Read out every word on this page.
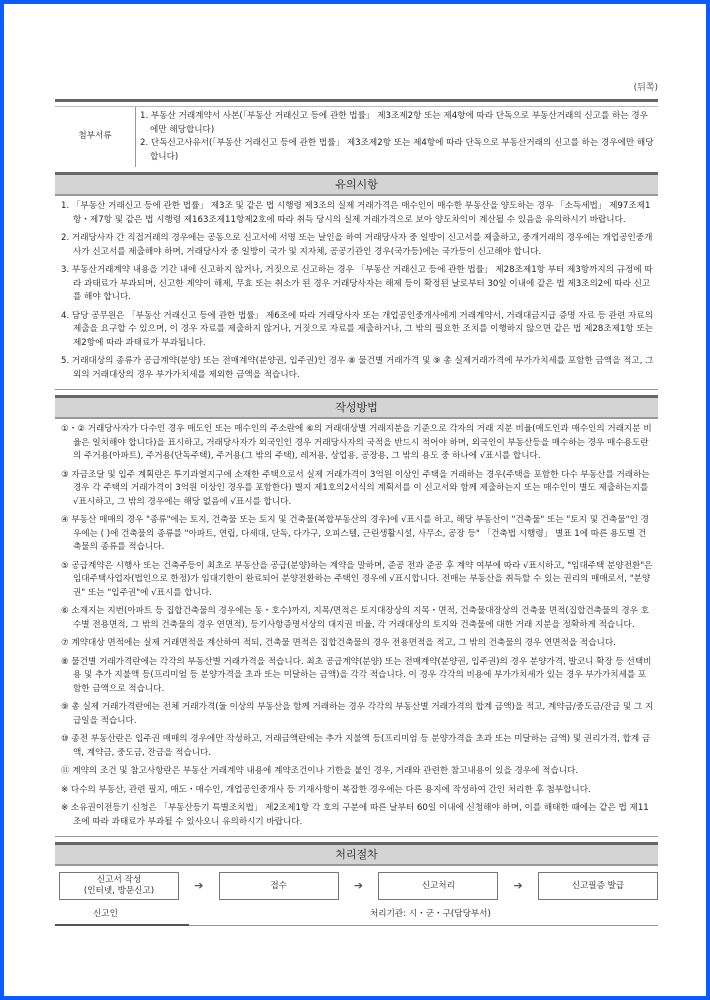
(뒤쪽)
첨부서류	
1. 부동산 거래계약서 사본(「부동산 거래신고 등에 관한 법률」 제3조제2항 또는 제4항에 따라 단독으로 부동산거래의 신고를 하는 경우에만 해당합니다)
2. 단독신고사유서(「부동산 거래신고 등에 관한 법률」 제3조제2항 또는 제4항에 따라 단독으로 부동산거래의 신고를 하는 경우에만 해당합니다)
유의시항
1. 「부동산 거래신고 등에 관한 법률」 제3조 및 같은 법 시행령 제3조의 실제 거래가격은 매수인이 매수한 부동산을 양도하는 경우 「소득세법」 제97조제1항・제7항 및 같은 법 시행령 제163조제11항제2호에 따라 취득 당시의 실제 거래가격으로 보아 양도차익이 계산될 수 있음을 유의하시기 바랍니다.
2. 거래당사자 간 직접거래의 경우에는 공동으로 신고서에 서명 또는 날인을 하여 거래당사자 중 일방이 신고서를 제출하고, 중개거래의 경우에는 개업공인중개사가 신고서를 제출해야 하며, 거래당사자 중 일방이 국가 및 지자체, 공공기관인 경우(국가등)에는 국가등이 신고해야 합니다.
3. 부동산거래계약 내용을 기간 내에 신고하지 않거나, 거짓으로 신고하는 경우 「부동산 거래신고 등에 관한 법률」 제28조제1항 부터 제3항까지의 규정에 따라 과태료가 부과되며, 신고한 계약이 해제, 무효 또는 취소가 된 경우 거래당사자는 해제 등이 확정된 날로부터 30일 이내에 같은 법 제3조의2에 따라 신고를 해야 합니다.
4. 담당 공무원은 「부동산 거래신고 등에 관한 법률」 제6조에 따라 거래당사자 또는 개업공인중개사에게 거래계약서, 거래대금지급 증명 자료 등 관련 자료의 제출을 요구할 수 있으며, 이 경우 자료를 제출하지 않거나, 거짓으로 자료를 제출하거나, 그 밖의 필요한 조치를 이행하지 않으면 같은 법 제28조제1항 또는 제2항에 따라 과태료가 부과됩니다.
5. 거래대상의 종류가 공급계약(분양) 또는 전매계약(분양권, 입주권)인 경우 ⑧ 물건별 거래가격 및 ⑨ 총 실제거래가격에 부가가치세를 포함한 금액을 적고, 그 외의 거래대상의 경우 부가가치세를 제외한 금액을 적습니다.
작성방법
①・② 거래당사자가 다수인 경우 매도인 또는 매수인의 주소란에 ⑥의 거래대상별 거래지분을 기준으로 각자의 거래 지분 비율(매도인과 매수인의 거래지분 비율은 일치해야 합니다)을 표시하고, 거래당사자가 외국인인 경우 거래당사자의 국적을 반드시 적어야 하며, 외국인이 부동산등을 매수하는 경우 매수용도란의 주거용(아파트), 주거용(단독주택), 주거용(그 밖의 주택), 레저용, 상업용, 공장용, 그 밖의 용도 중 하나에 √표시를 합니다.
③ 자금조달 및 입주 계획란은 투기과열지구에 소재한 주택으로서 실제 거래가격이 3억원 이상인 주택을 거래하는 경우(주택을 포함한 다수 부동산를 거래하는 경우 각 주택의 거래가격이 3억원 이상인 경우를 포함한다) 별지 제1호의2서식의 계획서를 이 신고서와 함께 제출하는지 또는 매수인이 별도 제출하는지를 √표시하고, 그 밖의 경우에는 해당 없음에 √표시를 합니다.
④ 부동산 매매의 경우 "종류"에는 토지, 건축물 또는 토지 및 건축물(복합부동산의 경우)에 √표시를 하고, 해당 부동산이 "건축물" 또는 "토지 및 건축물"인 경우에는 ( )에 건축물의 종류를 "아파트, 연립, 다세대, 단독, 다가구, 오피스텔, 근린생활시설, 사무소, 공장 등" 「건축법 시행령」 별표 1에 따른 용도별 건축물의 종류를 적습니다.
⑤ 공급계약은 시행사 또는 건축주등이 최초로 부동산을 공급(분양)하는 계약을 말하며, 준공 전과 준공 후 계약 여부에 따라 √표시하고, "임대주택 분양전환"은 임대주택사업자(법인으로 한정)가 임대기한이 완료되어 분양전환하는 주택인 경우에 √표시합니다. 전매는 부동산을 취득할 수 있는 권리의 매매로서, "분양권" 또는 "입주권"에 √표시를 합니다.
⑥ 소재지는 지번(아파트 등 집합건축물의 경우에는 동・호수)까지, 지목/면적은 토지대장상의 지목・면적, 건축물대장상의 건축물 면적(집합건축물의 경우 호수별 전용면적, 그 밖의 건축물의 경우 연면적), 등기사항증명서상의 대지권 비율, 각 거래대상의 토지와 건축물에 대한 거래 지분을 정확하게 적습니다.
⑦ 계약대상 면적에는 실제 거래면적을 계산하여 적되, 건축물 면적은 집합건축물의 경우 전용면적을 적고, 그 밖의 건축물의 경우 연면적을 적습니다.
⑧ 물건별 거래가격란에는 각각의 부동산별 거래가격을 적습니다. 최초 공급계약(분양) 또는 전매계약(분양권, 입주권)의 경우 분양가격, 발코니 확장 등 선택비용 및 추가 지불액 등(프리미엄 등 분양가격을 초과 또는 미달하는 금액)을 각각 적습니다. 이 경우 각각의 비용에 부가가치세가 있는 경우 부가가치세를 포함한 금액으로 적습니다.
⑨ 총 실제 거래가격란에는 전체 거래가격(둘 이상의 부동산을 함께 거래하는 경우 각각의 부동산별 거래가격의 합계 금액)을 적고, 계약금/중도금/잔금 및 그 지급일을 적습니다.
⑩ 종전 부동산란은 입주권 매매의 경우에만 작성하고, 거래금액란에는 추가 지불액 등(프리미엄 등 분양가격을 초과 또는 미달하는 금액) 및 권리가격, 합계 금액, 계약금, 중도금, 잔금을 적습니다.
⑪ 계약의 조건 및 참고사항란은 부동산 거래계약 내용에 계약조건이나 기한을 붙인 경우, 거래와 관련한 참고내용이 있을 경우에 적습니다.
※ 다수의 부동산, 관련 필지, 매도・매수인, 개업공인중개사 등 기재사항이 복잡한 경우에는 다른 용지에 작성하여 간인 처리한 후 첨부합니다.
※ 소유권이전등기 신청은 「부동산등기 특별조치법」 제2조제1항 각 호의 구분에 따른 날부터 60일 이내에 신청해야 하며, 이를 해태한 때에는 같은 법 제11조에 따라 과태료가 부과될 수 있사오니 유의하시기 바랍니다.
처리절차
신고서 작성
(인터넷, 방문신고)	➔	접수	➔	신고처리	➔	신고필증 발급
신고인	처리기관: 시・군・구(담당부서)
